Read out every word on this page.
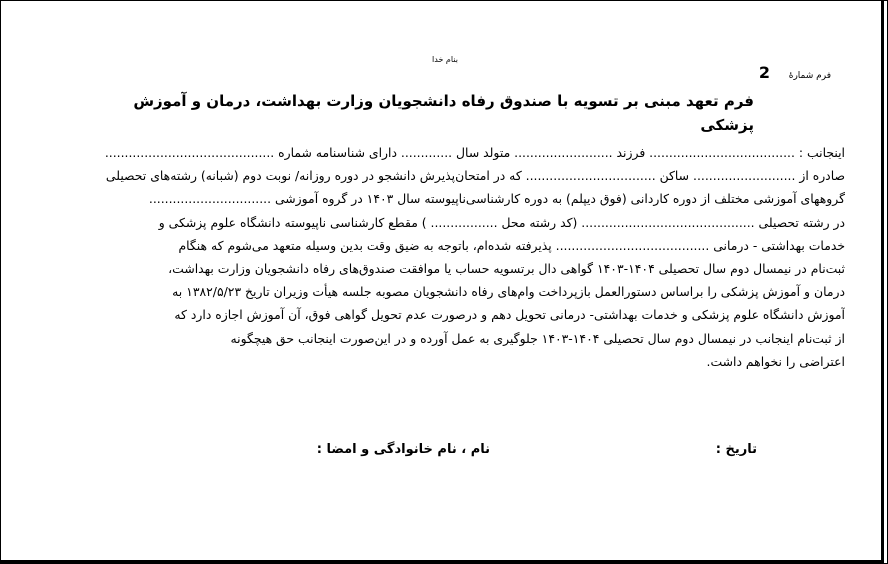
بنام خدا
فرم شمارهٔ
2
فرم تعهد مبنی بر تسویه با صندوق رفاه دانشجویان وزارت بهداشت، درمان و آموزش پزشکی

اینجانب : ..................................... فرزند ......................... متولد سال ............. دارای شناسنامه شماره ...........................................

صادره از .......................... ساکن ................................. که در امتحان‌پذیرش دانشجو در دوره روزانه/ نوبت دوم (شبانه) رشته‌های تحصیلی

گروههای آموزشی مختلف از دوره کاردانی (فوق دیپلم) به دوره کارشناسی‌ناپیوسته سال ۱۴۰۳ در گروه آموزشی ...............................

در رشته تحصیلی ............................................ (کد رشته محل ................. ) مقطع کارشناسی ناپیوسته دانشگاه علوم پزشکی و

خدمات بهداشتی - درمانی ....................................... پذیرفته شده‌ام، باتوجه به ضیق وقت بدین وسیله متعهد می‌شوم که هنگام

ثبت‌نام در نیمسال دوم سال تحصیلی ۱۴۰۴-۱۴۰۳ گواهی دال برتسویه حساب یا موافقت صندوق‌های رفاه دانشجویان وزارت بهداشت،

درمان و آموزش پزشکی را براساس دستورالعمل بازپرداخت وام‌های رفاه دانشجویان مصوبه جلسه هیأت وزیران تاریخ ۱۳۸۲/۵/۲۳ به

آموزش دانشگاه علوم پزشکی و خدمات بهداشتی- درمانی تحویل دهم و درصورت عدم تحویل گواهی فوق، آن آموزش اجازه دارد که

از ثبت‌نام اینجانب در نیمسال دوم سال تحصیلی ۱۴۰۴-۱۴۰۳ جلوگیری به عمل آورده و در این‌صورت اینجانب حق هیچگونه

اعتراضی را نخواهم داشت.

تاریخ :
نام ، نام خانوادگی و امضا :
